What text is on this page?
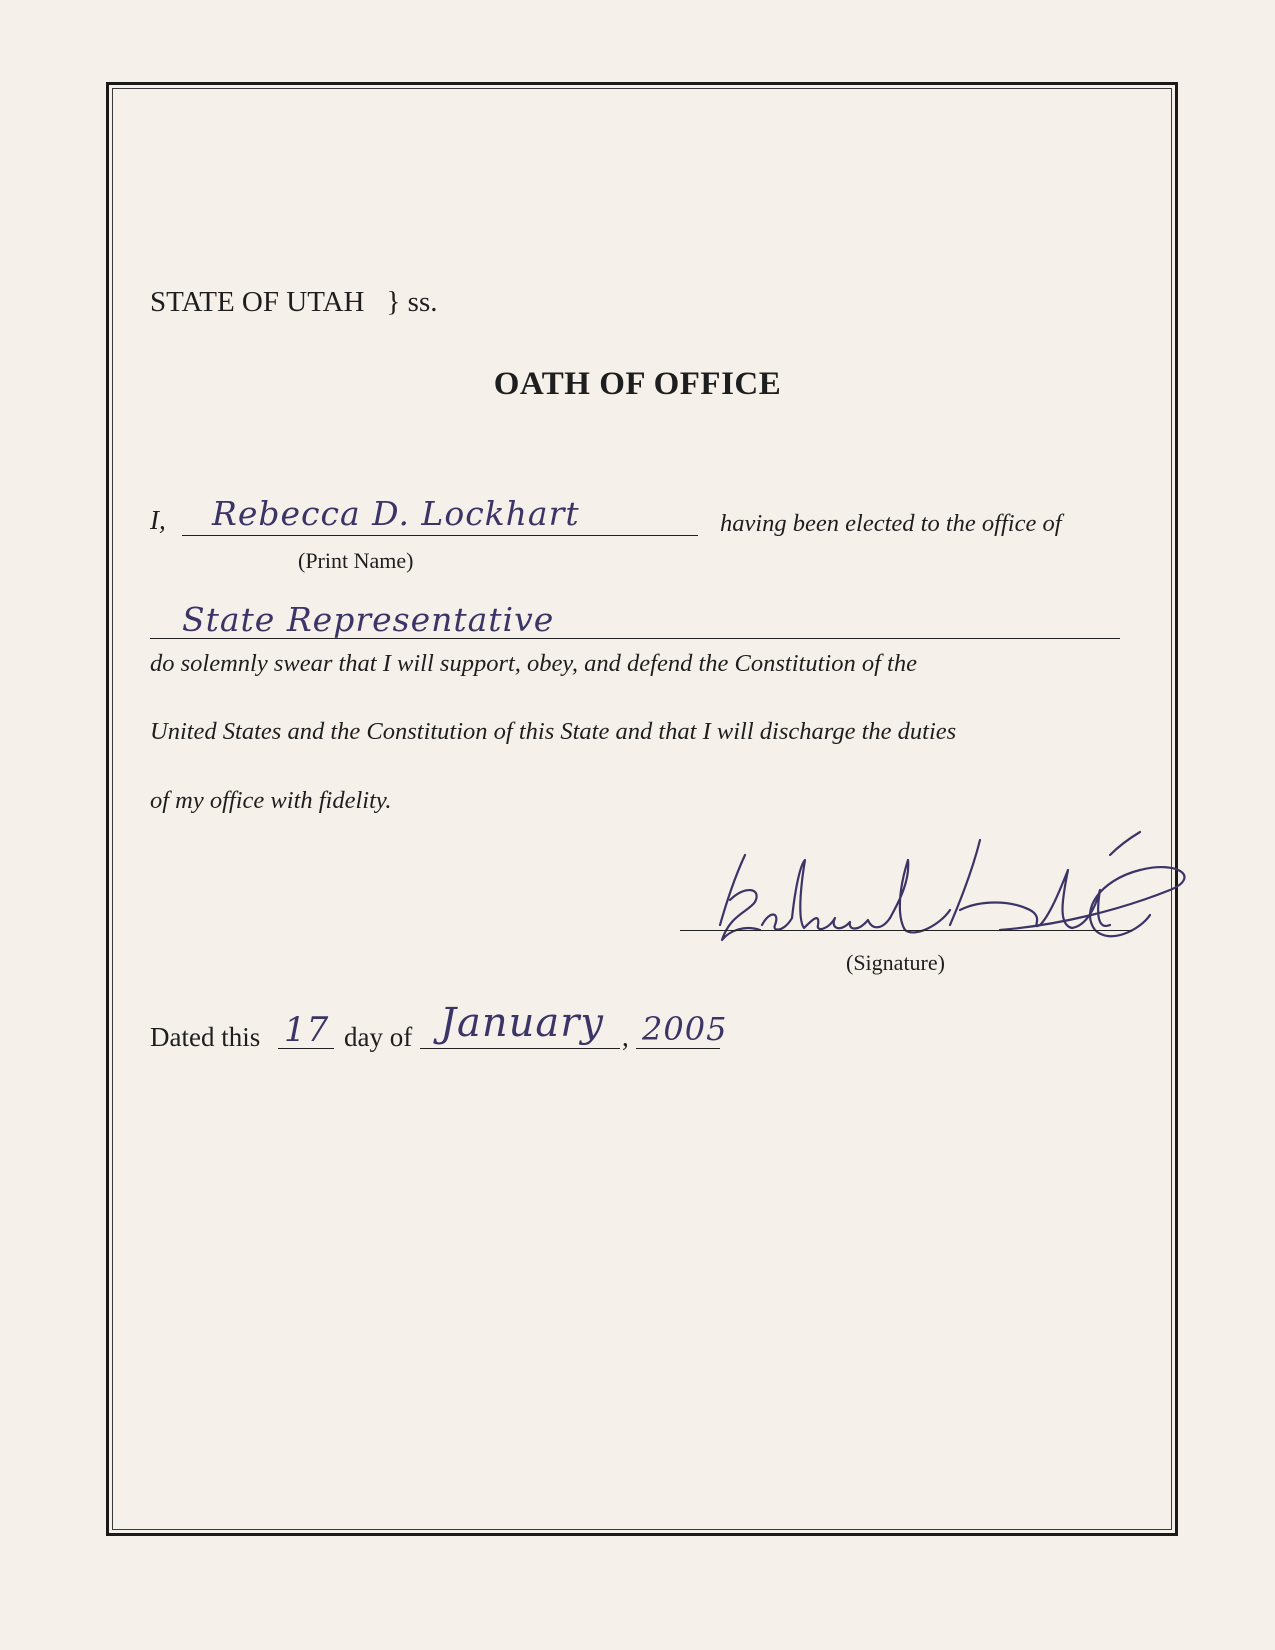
STATE OF UTAH } ss.
OATH OF OFFICE
I, Rebecca D. Lockhart	having been elected to the office of
(Print Name)
State Representative
do solemnly swear that I will support, obey, and defend the Constitution of the
United States and the Constitution of this State and that I will discharge the duties
of my office with fidelity.
(Signature)
Dated this 17 day of January , 2005
